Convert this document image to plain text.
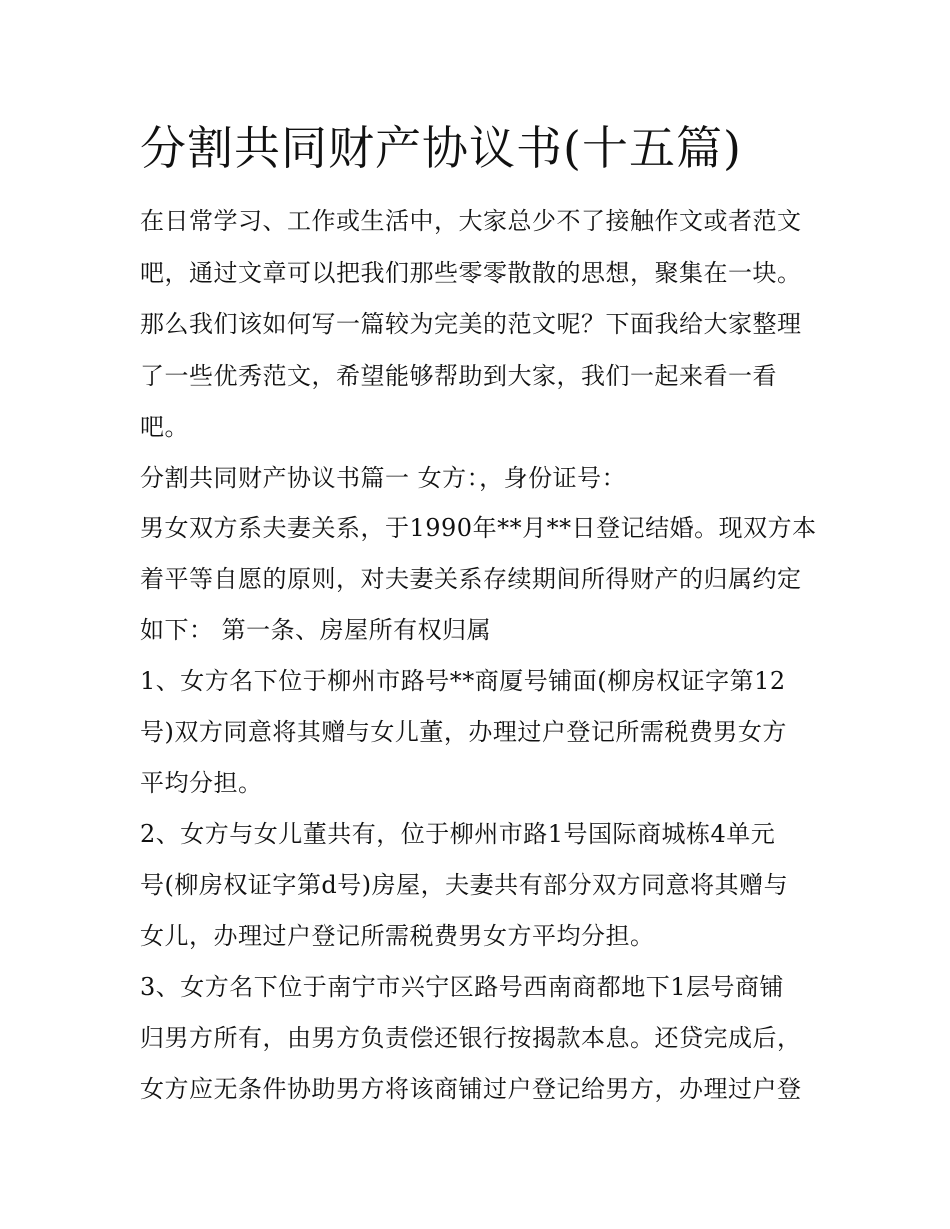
分割共同财产协议书(十五篇)

在日常学习、工作或生活中，大家总少不了接触作文或者范文

吧，通过文章可以把我们那些零零散散的思想，聚集在一块。

那么我们该如何写一篇较为完美的范文呢？下面我给大家整理

了一些优秀范文，希望能够帮助到大家，我们一起来看一看

吧。

分割共同财产协议书篇一 女方：，身份证号：

男女双方系夫妻关系，于1990年**月**日登记结婚。现双方本

着平等自愿的原则，对夫妻关系存续期间所得财产的归属约定

如下： 第一条、房屋所有权归属

1、女方名下位于柳州市路号**商厦号铺面(柳房权证字第12

号)双方同意将其赠与女儿董，办理过户登记所需税费男女方

平均分担。

2、女方与女儿董共有，位于柳州市路1号国际商城栋4单元

号(柳房权证字第d号)房屋，夫妻共有部分双方同意将其赠与

女儿，办理过户登记所需税费男女方平均分担。

3、女方名下位于南宁市兴宁区路号西南商都地下1层号商铺

归男方所有，由男方负责偿还银行按揭款本息。还贷完成后，

女方应无条件协助男方将该商铺过户登记给男方，办理过户登
